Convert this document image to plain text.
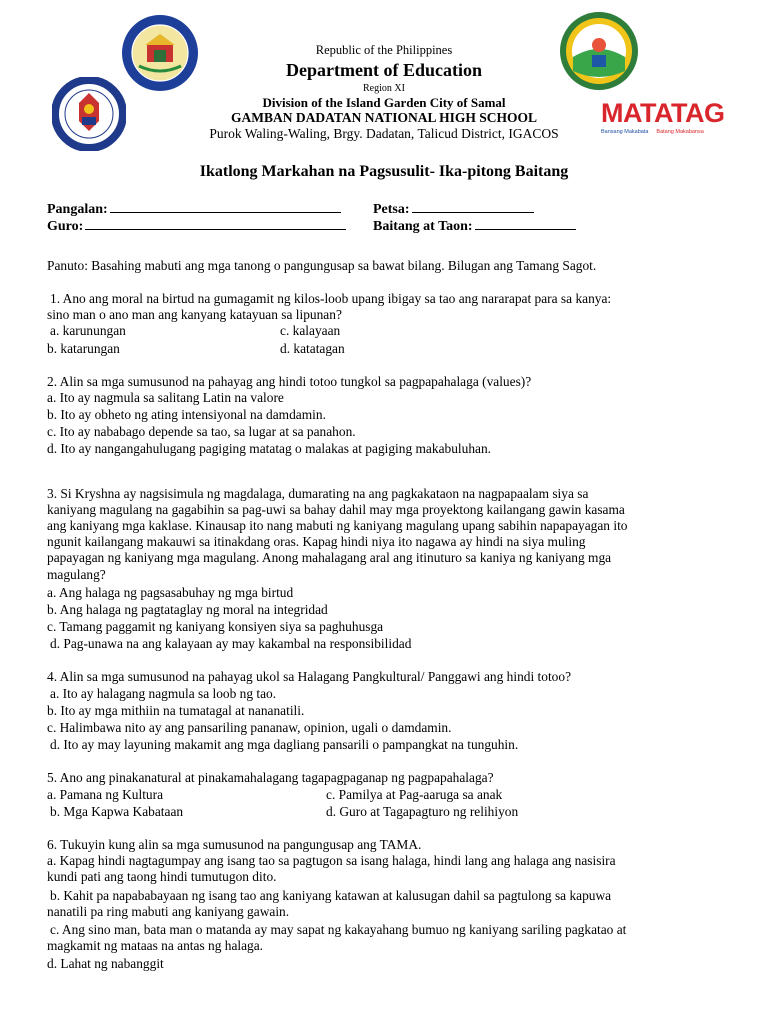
MATATAG
Bansang Makabata Batang Makabansa
Republic of the Philippines
Department of Education
Region XI
Division of the Island Garden City of Samal
GAMBAN DADATAN NATIONAL HIGH SCHOOL
Purok Waling-Waling, Brgy. Dadatan, Talicud District, IGACOS
Ikatlong Markahan na Pagsusulit- Ika-pitong Baitang
Pangalan:	Petsa:
Guro:	Baitang at Taon:
Panuto: Basahing mabuti ang mga tanong o pangungusap sa bawat bilang. Bilugan ang Tamang Sagot.
1. Ano ang moral na birtud na gumagamit ng kilos-loob upang ibigay sa tao ang nararapat para sa kanya:
sino man o ano man ang kanyang katayuan sa lipunan?
a. karunungan	c. kalayaan
b. katarungan	d. katatagan
2. Alin sa mga sumusunod na pahayag ang hindi totoo tungkol sa pagpapahalaga (values)?
a. Ito ay nagmula sa salitang Latin na valore
b. Ito ay obheto ng ating intensiyonal na damdamin.
c. Ito ay nababago depende sa tao, sa lugar at sa panahon.
d. Ito ay nangangahulugang pagiging matatag o malakas at pagiging makabuluhan.
3. Si Kryshna ay nagsisimula ng magdalaga, dumarating na ang pagkakataon na nagpapaalam siya sa
kaniyang magulang na gagabihin sa pag-uwi sa bahay dahil may mga proyektong kailangang gawin kasama
ang kaniyang mga kaklase. Kinausap ito nang mabuti ng kaniyang magulang upang sabihin napapayagan ito
ngunit kailangang makauwi sa itinakdang oras. Kapag hindi niya ito nagawa ay hindi na siya muling
papayagan ng kaniyang mga magulang. Anong mahalagang aral ang itinuturo sa kaniya ng kaniyang mga
magulang?
a. Ang halaga ng pagsasabuhay ng mga birtud
b. Ang halaga ng pagtataglay ng moral na integridad
c. Tamang paggamit ng kaniyang konsiyen siya sa paghuhusga
d. Pag-unawa na ang kalayaan ay may kakambal na responsibilidad
4. Alin sa mga sumusunod na pahayag ukol sa Halagang Pangkultural/ Panggawi ang hindi totoo?
a. Ito ay halagang nagmula sa loob ng tao.
b. Ito ay mga mithiin na tumatagal at nananatili.
c. Halimbawa nito ay ang pansariling pananaw, opinion, ugali o damdamin.
d. Ito ay may layuning makamit ang mga dagliang pansarili o pampangkat na tunguhin.
5. Ano ang pinakanatural at pinakamahalagang tagapagpaganap ng pagpapahalaga?
a. Pamana ng Kultura	c. Pamilya at Pag-aaruga sa anak
b. Mga Kapwa Kabataan	d. Guro at Tagapagturo ng relihiyon
6. Tukuyin kung alin sa mga sumusunod na pangungusap ang TAMA.
a. Kapag hindi nagtagumpay ang isang tao sa pagtugon sa isang halaga, hindi lang ang halaga ang nasisira
kundi pati ang taong hindi tumutugon dito.
b. Kahit pa napababayaan ng isang tao ang kaniyang katawan at kalusugan dahil sa pagtulong sa kapuwa
nanatili pa ring mabuti ang kaniyang gawain.
c. Ang sino man, bata man o matanda ay may sapat ng kakayahang bumuo ng kaniyang sariling pagkatao at
magkamit ng mataas na antas ng halaga.
d. Lahat ng nabanggit
